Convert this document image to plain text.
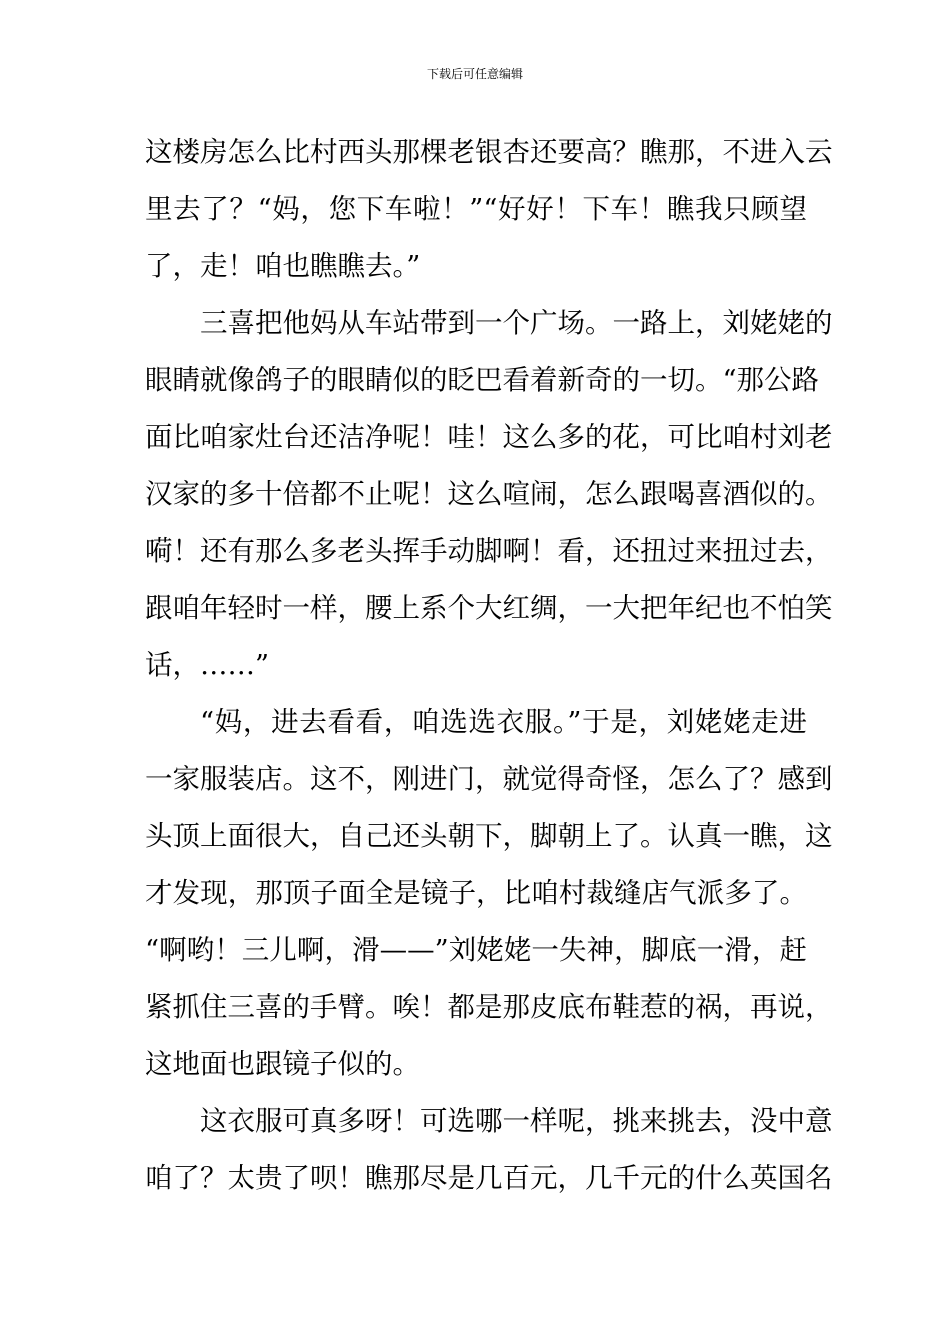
下载后可任意编辑
这楼房怎么比村西头那棵老银杏还要高？瞧那，不进入云
里去了？“妈，您下车啦！”“好好！下车！瞧我只顾望
了，走！咱也瞧瞧去。”
三喜把他妈从车站带到一个广场。一路上，刘姥姥的
眼睛就像鸽子的眼睛似的眨巴看着新奇的一切。“那公路
面比咱家灶台还洁净呢！哇！这么多的花，可比咱村刘老
汉家的多十倍都不止呢！这么喧闹，怎么跟喝喜酒似的。
嗬！还有那么多老头挥手动脚啊！看，还扭过来扭过去，
跟咱年轻时一样，腰上系个大红绸，一大把年纪也不怕笑
话，……”
“妈，进去看看，咱选选衣服。”于是，刘姥姥走进
一家服装店。这不，刚进门，就觉得奇怪，怎么了？感到
头顶上面很大，自己还头朝下，脚朝上了。认真一瞧，这
才发现，那顶子面全是镜子，比咱村裁缝店气派多了。
“啊哟！三儿啊，滑——”刘姥姥一失神，脚底一滑，赶
紧抓住三喜的手臂。唉！都是那皮底布鞋惹的祸，再说，
这地面也跟镜子似的。
这衣服可真多呀！可选哪一样呢，挑来挑去，没中意
咱了？太贵了呗！瞧那尽是几百元，几千元的什么英国名
